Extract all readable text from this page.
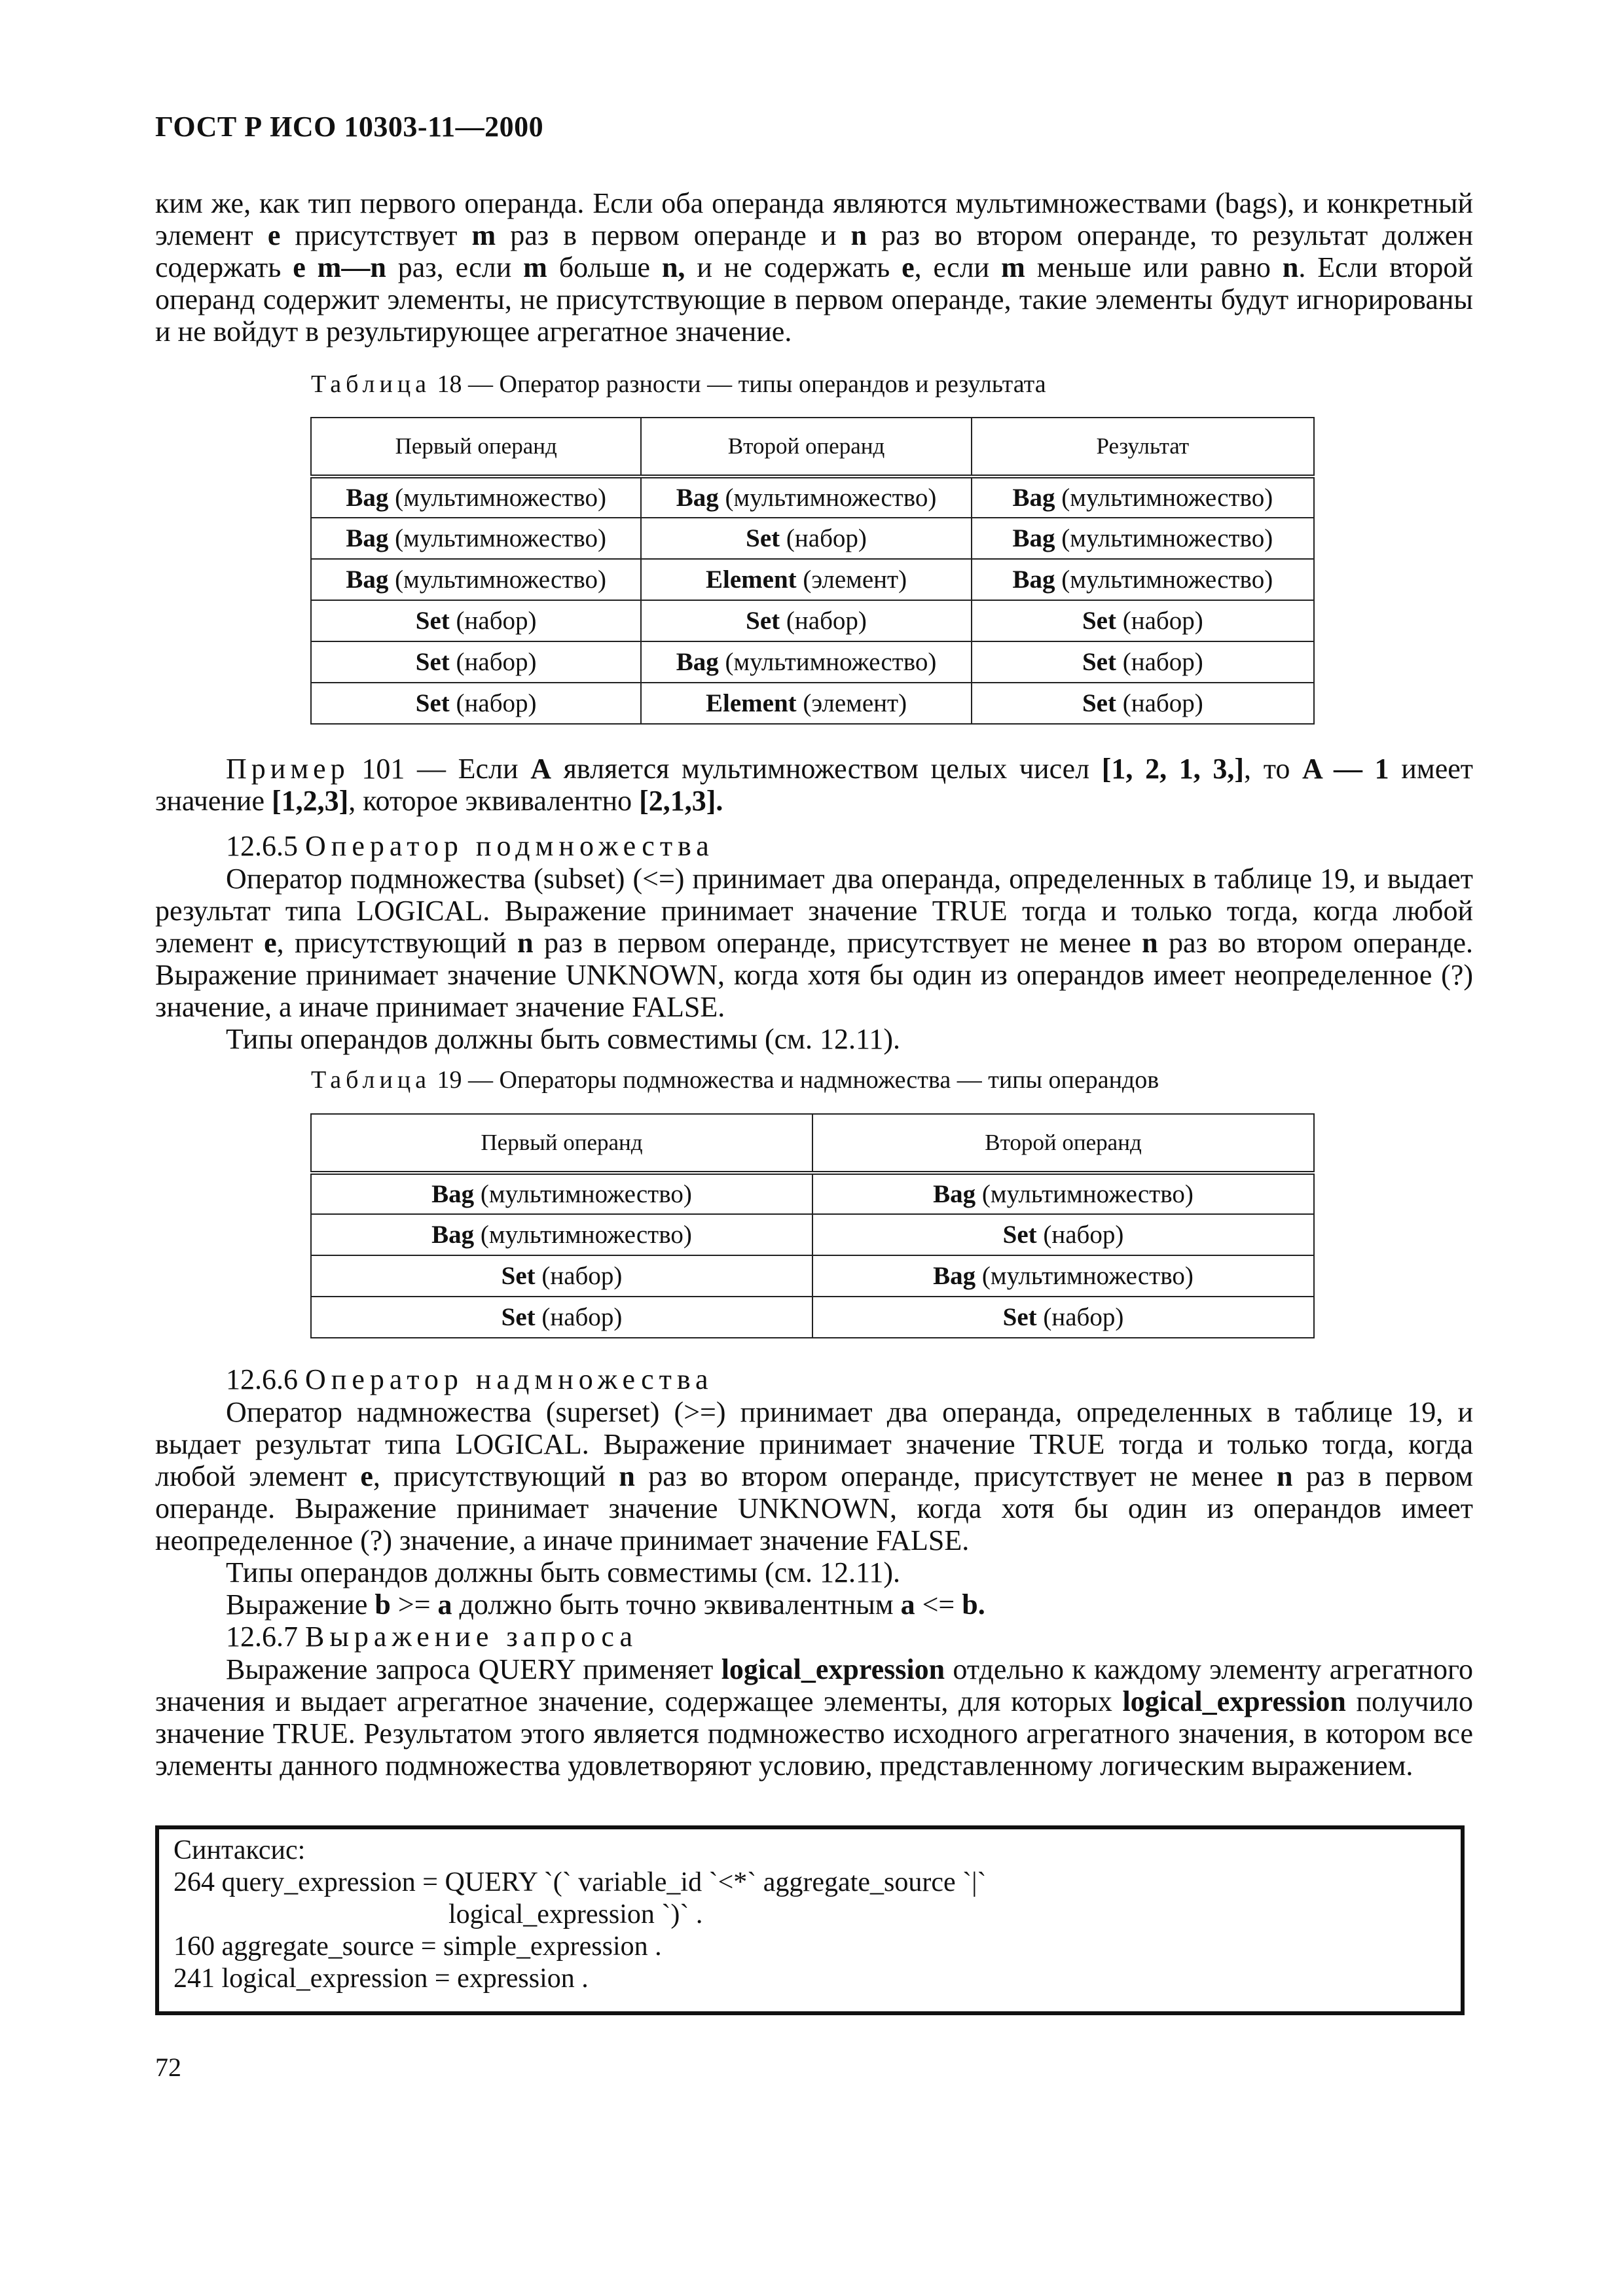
ГОСТ Р ИСО 10303-11—2000

ким же, как тип первого операнда. Если оба операнда являются мультимножествами (bags), и конкретный элемент e присутствует m раз в первом операнде и n раз во втором операнде, то результат должен содержать e m—n раз, если m больше n, и не содержать e, если m меньше или равно n. Если второй операнд содержит элементы, не присутствующие в первом операнде, такие элементы будут игнорированы и не войдут в результирующее агрегатное значение.

Таблица 18 — Оператор разности — типы операндов и результата
Первый операнд	Второй операнд	Результат
Bag (мультимножество)	Bag (мультимножество)	Bag (мультимножество)
Bag (мультимножество)	Set (набор)	Bag (мультимножество)
Bag (мультимножество)	Element (элемент)	Bag (мультимножество)
Set (набор)	Set (набор)	Set (набор)
Set (набор)	Bag (мультимножество)	Set (набор)
Set (набор)	Element (элемент)	Set (набор)

Пример 101 — Если A является мультимножеством целых чисел [1, 2, 1, 3,], то A — 1 имеет значение [1,2,3], которое эквивалентно [2,1,3].

12.6.5 Оператор подмножества

Оператор подмножества (subset) (<=) принимает два операнда, определенных в таблице 19, и выдает результат типа LOGICAL. Выражение принимает значение TRUE тогда и только тогда, когда любой элемент e, присутствующий n раз в первом операнде, присутствует не менее n раз во втором операнде. Выражение принимает значение UNKNOWN, когда хотя бы один из операндов имеет неопределенное (?) значение, а иначе принимает значение FALSE.

Типы операндов должны быть совместимы (см. 12.11).

Таблица 19 — Операторы подмножества и надмножества — типы операндов
Первый операнд	Второй операнд
Bag (мультимножество)	Bag (мультимножество)
Bag (мультимножество)	Set (набор)
Set (набор)	Bag (мультимножество)
Set (набор)	Set (набор)
12.6.6 Оператор надмножества

Оператор надмножества (superset) (>=) принимает два операнда, определенных в таблице 19, и выдает результат типа LOGICAL. Выражение принимает значение TRUE тогда и только тогда, когда любой элемент e, присутствующий n раз во втором операнде, присутствует не менее n раз в первом операнде. Выражение принимает значение UNKNOWN, когда хотя бы один из операндов имеет неопределенное (?) значение, а иначе принимает значение FALSE.

Типы операндов должны быть совместимы (см. 12.11).

Выражение b >= a должно быть точно эквивалентным a <= b.

12.6.7 Выражение запроса

Выражение запроса QUERY применяет logical_expression отдельно к каждому элементу агрегатного значения и выдает агрегатное значение, содержащее элементы, для которых logical_expression получило значение TRUE. Результатом этого является подмножество исходного агрегатного значения, в котором все элементы данного подмножества удовлетворяют условию, представленному логическим выражением.

Синтаксис:
264 query_expression = QUERY `(` variable_id `<*` aggregate_source `|`
logical_expression `)` .
160 aggregate_source = simple_expression .
241 logical_expression = expression .
72
